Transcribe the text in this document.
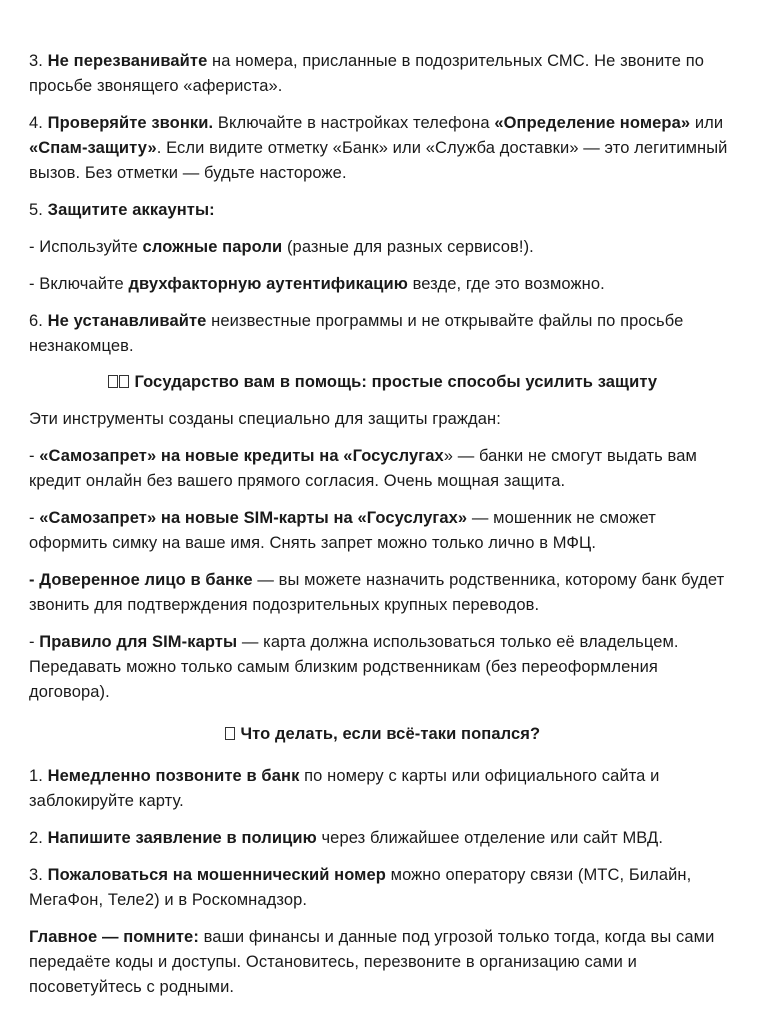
3. Не перезванивайте на номера, присланные в подозрительных СМС. Не звоните по просьбе звонящего «афериста».

4. Проверяйте звонки. Включайте в настройках телефона «Определение номера» или «Спам-защиту». Если видите отметку «Банк» или «Служба доставки» — это легитимный вызов. Без отметки — будьте настороже.

5. Защитите аккаунты:

- Используйте сложные пароли (разные для разных сервисов!).

- Включайте двухфакторную аутентификацию везде, где это возможно.

6. Не устанавливайте неизвестные программы и не открывайте файлы по просьбе незнакомцев.

Государство вам в помощь: простые способы усилить защиту

Эти инструменты созданы специально для защиты граждан:

- «Самозапрет» на новые кредиты на «Госуслугах» — банки не смогут выдать вам кредит онлайн без вашего прямого согласия. Очень мощная защита.

- «Самозапрет» на новые SIM-карты на «Госуслугах» — мошенник не сможет оформить симку на ваше имя. Снять запрет можно только лично в МФЦ.

- Доверенное лицо в банке — вы можете назначить родственника, которому банк будет звонить для подтверждения подозрительных крупных переводов.

- Правило для SIM-карты — карта должна использоваться только её владельцем. Передавать можно только самым близким родственникам (без переоформления договора).

Что делать, если всё-таки попался?

1. Немедленно позвоните в банк по номеру с карты или официального сайта и заблокируйте карту.

2. Напишите заявление в полицию через ближайшее отделение или сайт МВД.

3. Пожаловаться на мошеннический номер можно оператору связи (МТС, Билайн, МегаФон, Теле2) и в Роскомнадзор.

Главное — помните: ваши финансы и данные под угрозой только тогда, когда вы сами передаёте коды и доступы. Остановитесь, перезвоните в организацию сами и посоветуйтесь с родными.
